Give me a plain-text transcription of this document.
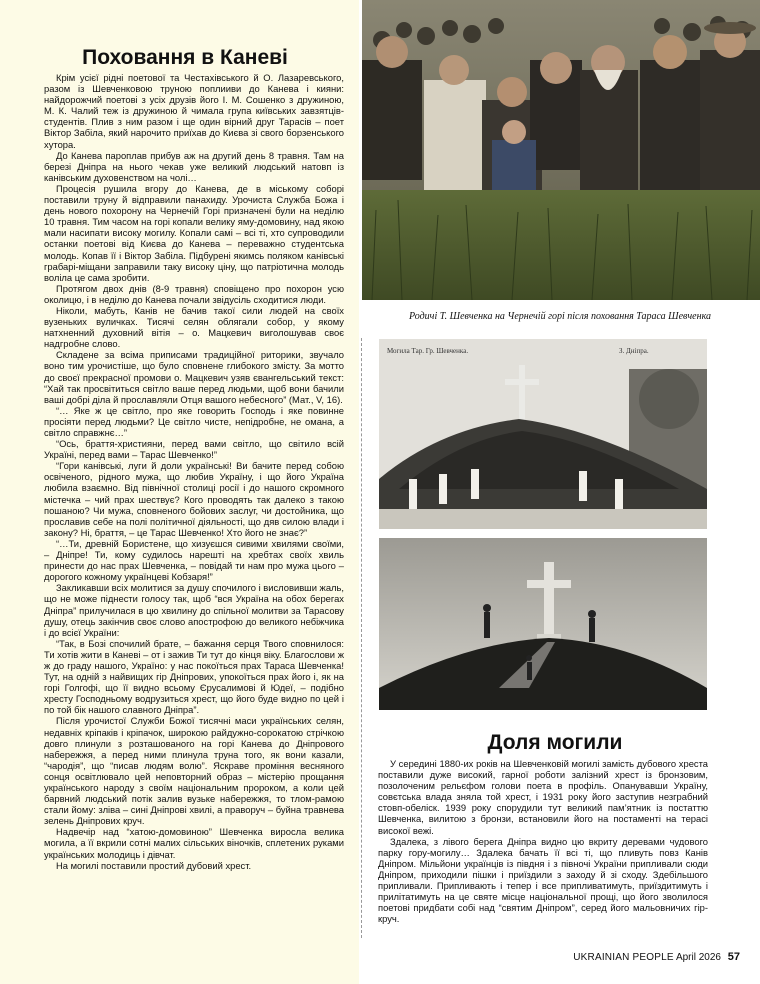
Поховання в Каневі

Крім усієї рідні поетової та Честахівського й О. Лазаревського, разом із Шевченковою труною поплииви до Канева і кияни: найдорожчий поетові з усіх друзів його І. М. Сошенко з дружиною, М. К. Чалий теж із дружиною й чимала група київських завзятців-студентів. Плив з ним разом і ще один вірний друг Тарасів – поет Віктор Забіла, який нарочито приїхав до Києва зі свого борзенського хутора.

До Канева пароплав прибув аж на другий день 8 травня. Там на березі Дніпра на нього чекав уже великий людський натовп із канівським духовенством на чолі…

Процесія рушила вгору до Канева, де в міському соборі поставили труну й відправили панахиду. Урочиста Служба Божа і день нового похорону на Чернечій Горі призначені були на неділю 10 травня. Тим часом на горі копали велику яму-домовину, над якою мали насипати високу могилу. Копали самі – всі ті, хто супроводили останки поетові від Києва до Канева – переважно студентська молодь. Копав її і Віктор Забіла. Підбурені якимсь поляком канівські грабарі-міщани заправили таку високу ціну, що патріотична молодь воліла це сама зробити.

Протягом двох днів (8-9 травня) сповіщено про похорон усю околицю, і в неділю до Канева почали звідусіль сходитися люди.

Ніколи, мабуть, Канів не бачив такої сили людей на своїх вузеньких вуличках. Тисячі селян облягали собор, у якому натхненний духовний вітія – о. Мацкевич виголошував своє надгробне слово.

Складене за всіма приписами традиційної риторики, звучало воно тим урочистіше, що було сповнене глибокого змісту. За мотто до своєї прекрасної промови о. Мацкевич узяв євангельський текст: “Хай так просвітиться світло ваше перед людьми, щоб вони бачили ваші добрі діла й прославляли Отця вашого небесного” (Мат., V, 16).

“… Яке ж це світло, про яке говорить Господь і яке повинне просіяти перед людьми? Це світло чисте, непідробне, не омана, а світло справжнє…”

“Ось, браття-християни, перед вами світло, що світило всій Україні, перед вами – Тарас Шевченко!”

“Гори канівські, луги й доли українські! Ви бачите перед собою освіченого, рідного мужа, що любив Україну, і що його Україна любила взаємно. Від північної столиці росії і до нашого скромного містечка – чий прах шествує? Кого проводять так далеко з такою пошаною? Чи мужа, сповненого бойових заслуг, чи достойника, що прославив себе на полі політичної діяльності, що дяв силою влади і закону? Ні, браття, – це Тарас Шевченко! Хто його не знає?”

“…Ти, древній Бористене, що хизуєшся сивими хвилями своїми, – Дніпре! Ти, кому судилось нарешті на хребтах своїх хвиль принести до нас прах Шевченка, – повідай ти нам про мужа цього – дорогого кожному українцеві Кобзаря!”

Закликавши всіх молитися за душу спочилого і висловивши жаль, що не може піднести голосу так, щоб “вся Україна на обох берегах Дніпра” прилучилася в цю хвилину до спільної молитви за Тарасову душу, отець закінчив своє слово апострофою до великого небіжчика і до всієї України:

“Так, в Бозі спочилий брате, – бажання серця Твого сповнилося: Ти хотів жити в Каневі – от і зажив Ти тут до кінця віку. Благослови ж ж до граду нашого, Україно: у нас покоїться прах Тараса Шевченка! Тут, на одній з найвищих гір Дніпрових, упокоїться прах його і, як на горі Голгофі, що її видно всьому Єрусалимові й Юдеї, – подібно хресту Господньому водрузиться хрест, що його буде видно по цей і по той бік нашого славного Дніпра”.

Після урочистої Служби Божої тисячні маси українських селян, недавніх кріпаків і кріпачок, широкою райдужно-сорокатою стрічкою довго плинули з розташованого на горі Канева до Дніпрового набережжя, а перед ними плинула труна того, як вони казали, “чародія”, що “писав людям волю”. Яскраве проміння весняного сонця освітлювало цей неповторний образ – містерію прощання українського народу з своїм національним пророком, а коли цей барвний людський потік залив вузьке набережжя, то тлом-рамою стали йому: зліва – сині Дніпрові хвилі, а праворуч – буйна травнева зелень Дніпрових круч.

Надвечір над “хатою-домовиною” Шевченка виросла велика могила, а її вкрили сотні малих сільських віночків, сплетених руками українських молодиць і дівчат.

На могилі поставили простий дубовий хрест.

Родичі Т. Шевченка на Чернечій горі після поховання Тараса Шевченка
Могила Тар. Гр. Шевченка.	З. Дніпра.
Доля могили

У середині 1880-их років на Шевченковій могилі замість дубового хреста поставили дуже високий, гарної роботи залізний хрест із бронзовим, позолоченим рельєфом голови поета в профіль. Опанувавши Україну, совєтська влада зняла той хрест, і 1931 року його заступив незграбний стовп-обеліск. 1939 року спорудили тут великий пам’ятник із постаттю Шевченка, вилитою з бронзи, встановили його на постаменті на терасі високої вежі.

Здалека, з лівого берега Дніпра видно цю вкриту деревами чудового парку гору-могилу… Здалека бачать її всі ті, що пливуть повз Канів Дніпром. Мільйони українців із півдня і з півночі України припливали сюди Дніпром, приходили пішки і приїздили з заходу й зі сходу. Здебільшого припливали. Припливають і тепер і все припливатимуть, приїздитимуть і прилітатимуть на це святе місце національної прощі, що його зволилося поетові придбати собі над “святим Дніпром”, серед його мальовничих гір-круч.

UKRAINIAN PEOPLE April 2026 57
